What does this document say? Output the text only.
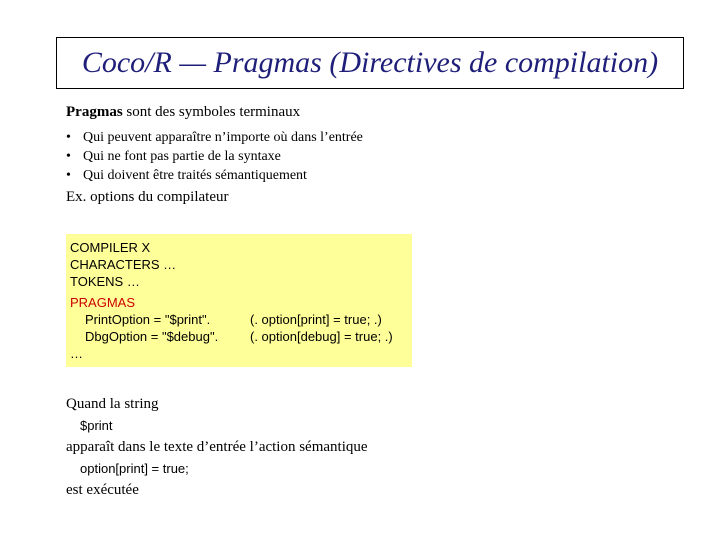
Coco/R — Pragmas (Directives de compilation)
Pragmas sont des symboles terminaux
• Qui peuvent apparaître n’importe où dans l’entrée
• Qui ne font pas partie de la syntaxe
• Qui doivent être traités sémantiquement
Ex. options du compilateur
COMPILER X
CHARACTERS …
TOKENS …
PRAGMAS
PrintOption = "$print".	(. option[print] = true; .)
DbgOption = "$debug". (. option[debug] = true; .)
…
Quand la string
$print
apparaît dans le texte d’entrée l’action sémantique
option[print] = true;
est exécutée
